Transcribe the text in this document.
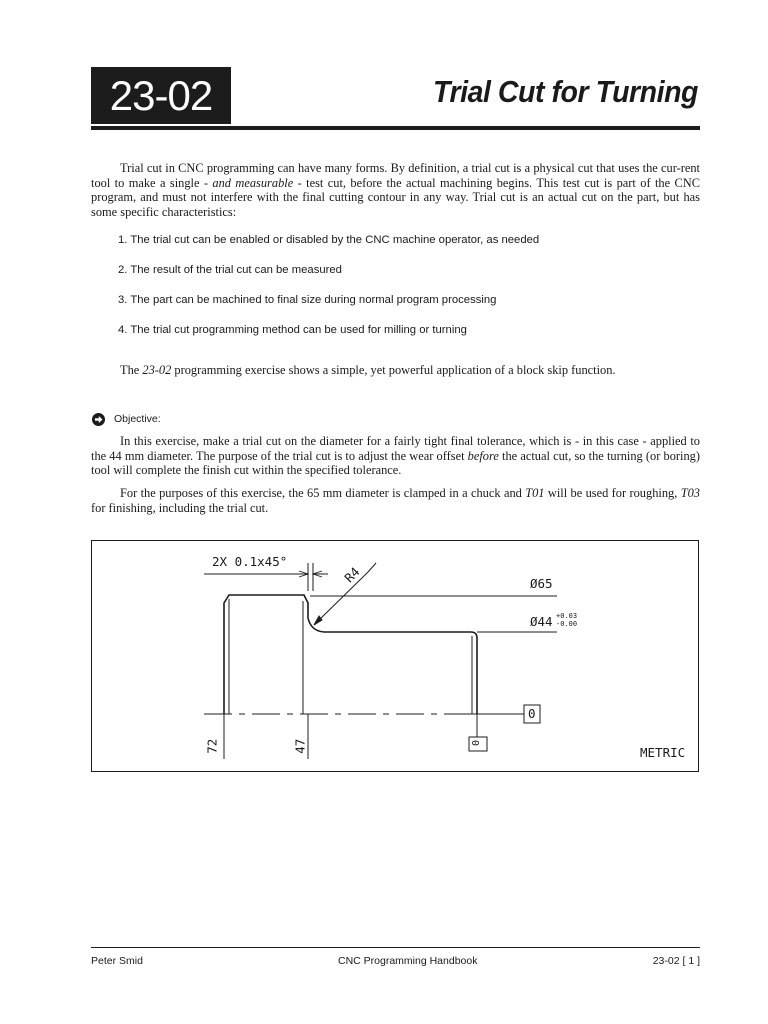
23-02	Trial Cut for Turning

Trial cut in CNC programming can have many forms. By definition, a trial cut is a physical cut that uses the cur-rent tool to make a single - and measurable - test cut, before the actual machining begins. This test cut is part of the CNC program, and must not interfere with the final cutting contour in any way. Trial cut is an actual cut on the part, but has some specific characteristics:

1. The trial cut can be enabled or disabled by the CNC machine operator, as needed
2. The result of the trial cut can be measured
3. The part can be machined to final size during normal program processing
4. The trial cut programming method can be used for milling or turning

The 23-02 programming exercise shows a simple, yet powerful application of a block skip function.

Objective:

In this exercise, make a trial cut on the diameter for a fairly tight final tolerance, which is - in this case - applied to the 44 mm diameter. The purpose of the trial cut is to adjust the wear offset before the actual cut, so the turning (or boring) tool will complete the finish cut within the specified tolerance.

For the purposes of this exercise, the 65 mm diameter is clamped in a chuck and T01 will be used for roughing, T03 for finishing, including the trial cut.

2X 0.1x45°
R4	Ø65
Ø44 +0.03
-0.00
0
72	47	0
METRIC
Peter Smid	CNC Programming Handbook	23-02 [ 1 ]
